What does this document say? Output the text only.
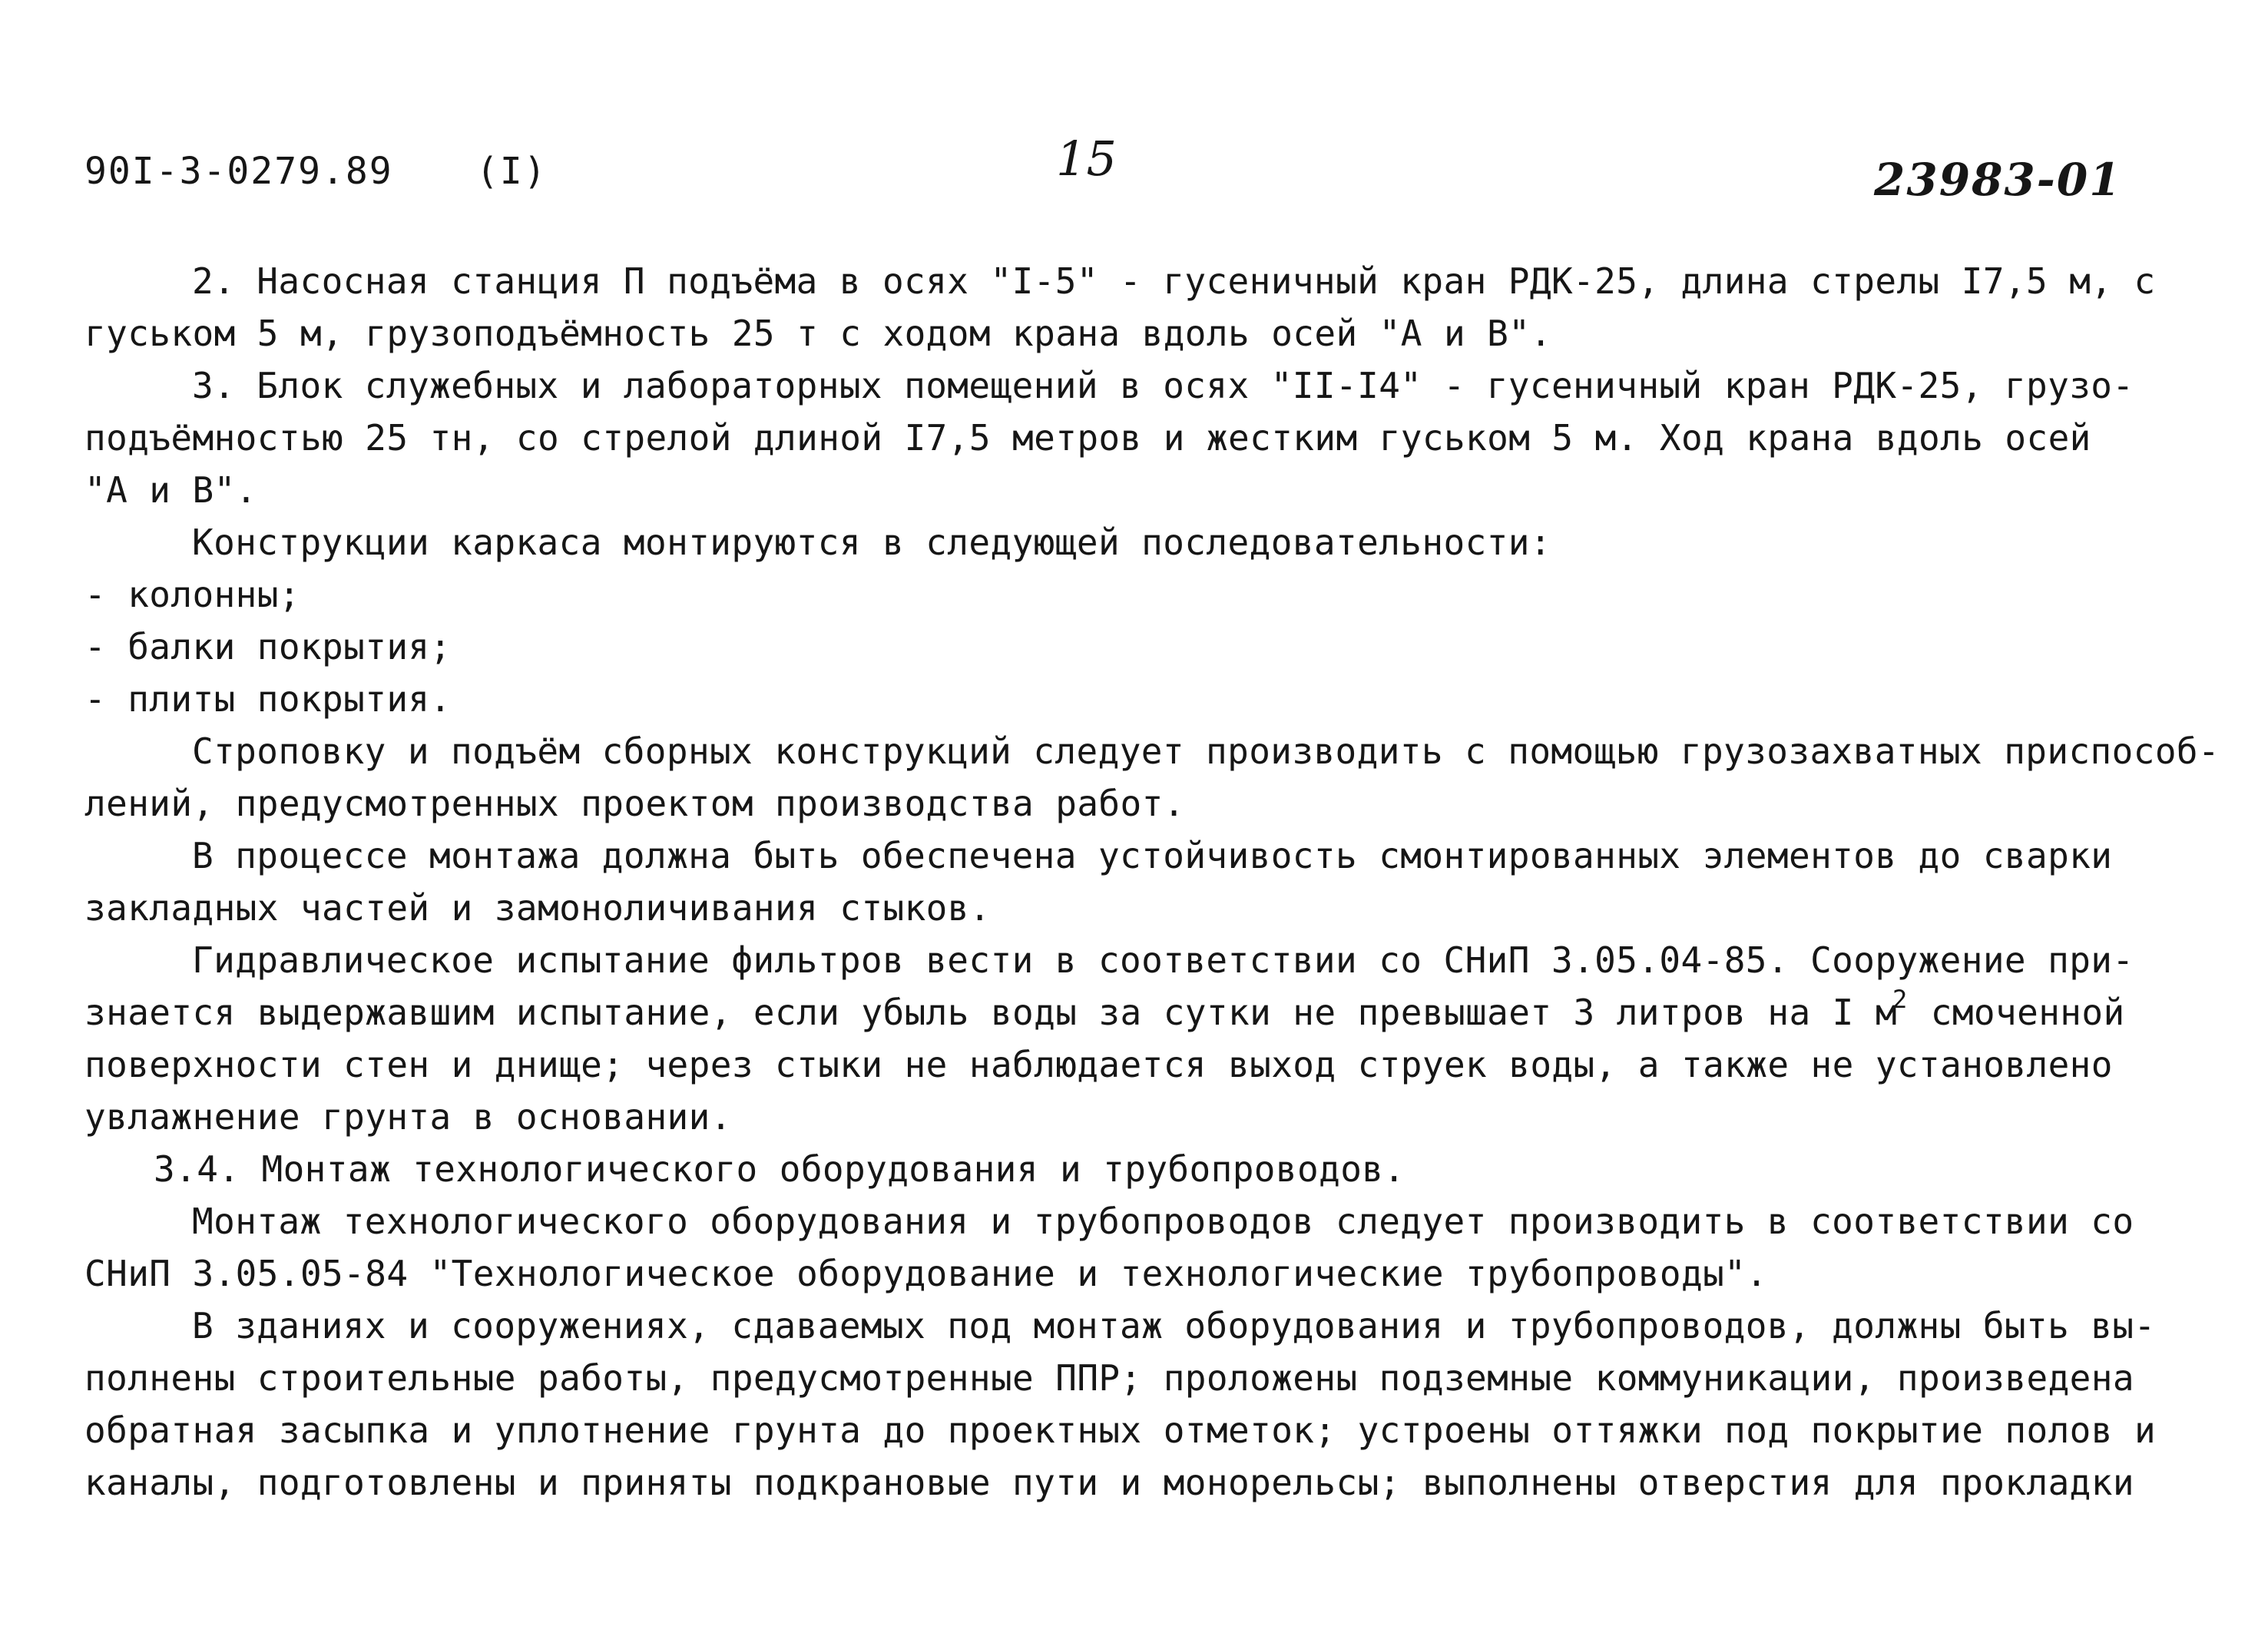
90I-3-0279.89 (I)	15	23983-01
2. Насосная станция П подъёма в осях "I-5" - гусеничный кран РДК-25, длина стрелы I7,5 м, с
гуськом 5 м, грузоподъёмность 25 т с ходом крана вдоль осей "А и В".
3. Блок служебных и лабораторных помещений в осях "II-I4" - гусеничный кран РДК-25, грузо-
подъёмностью 25 тн, со стрелой длиной I7,5 метров и жестким гуськом 5 м. Ход крана вдоль осей
"А и В".
Конструкции каркаса монтируются в следующей последовательности:
- колонны;
- балки покрытия;
- плиты покрытия.
Строповку и подъём сборных конструкций следует производить с помощью грузозахватных приспособ-
лений, предусмотренных проектом производства работ.
В процессе монтажа должна быть обеспечена устойчивость смонтированных элементов до сварки
закладных частей и замоноличивания стыков.
Гидравлическое испытание фильтров вести в соответствии со СНиП 3.05.04-85. Сооружение при-
знается выдержавшим испытание, если убыль воды за сутки не превышает 3 литров на I $м^2$ смоченной
поверхности стен и днище; через стыки не наблюдается выход струек воды, а также не установлено
увлажнение грунта в основании.
3.4. Монтаж технологического оборудования и трубопроводов.
Монтаж технологического оборудования и трубопроводов следует производить в соответствии со
СНиП 3.05.05-84 "Технологическое оборудование и технологические трубопроводы".
В зданиях и сооружениях, сдаваемых под монтаж оборудования и трубопроводов, должны быть вы-
полнены строительные работы, предусмотренные ППР; проложены подземные коммуникации, произведена
обратная засыпка и уплотнение грунта до проектных отметок; устроены оттяжки под покрытие полов и
каналы, подготовлены и приняты подкрановые пути и монорельсы; выполнены отверстия для прокладки
